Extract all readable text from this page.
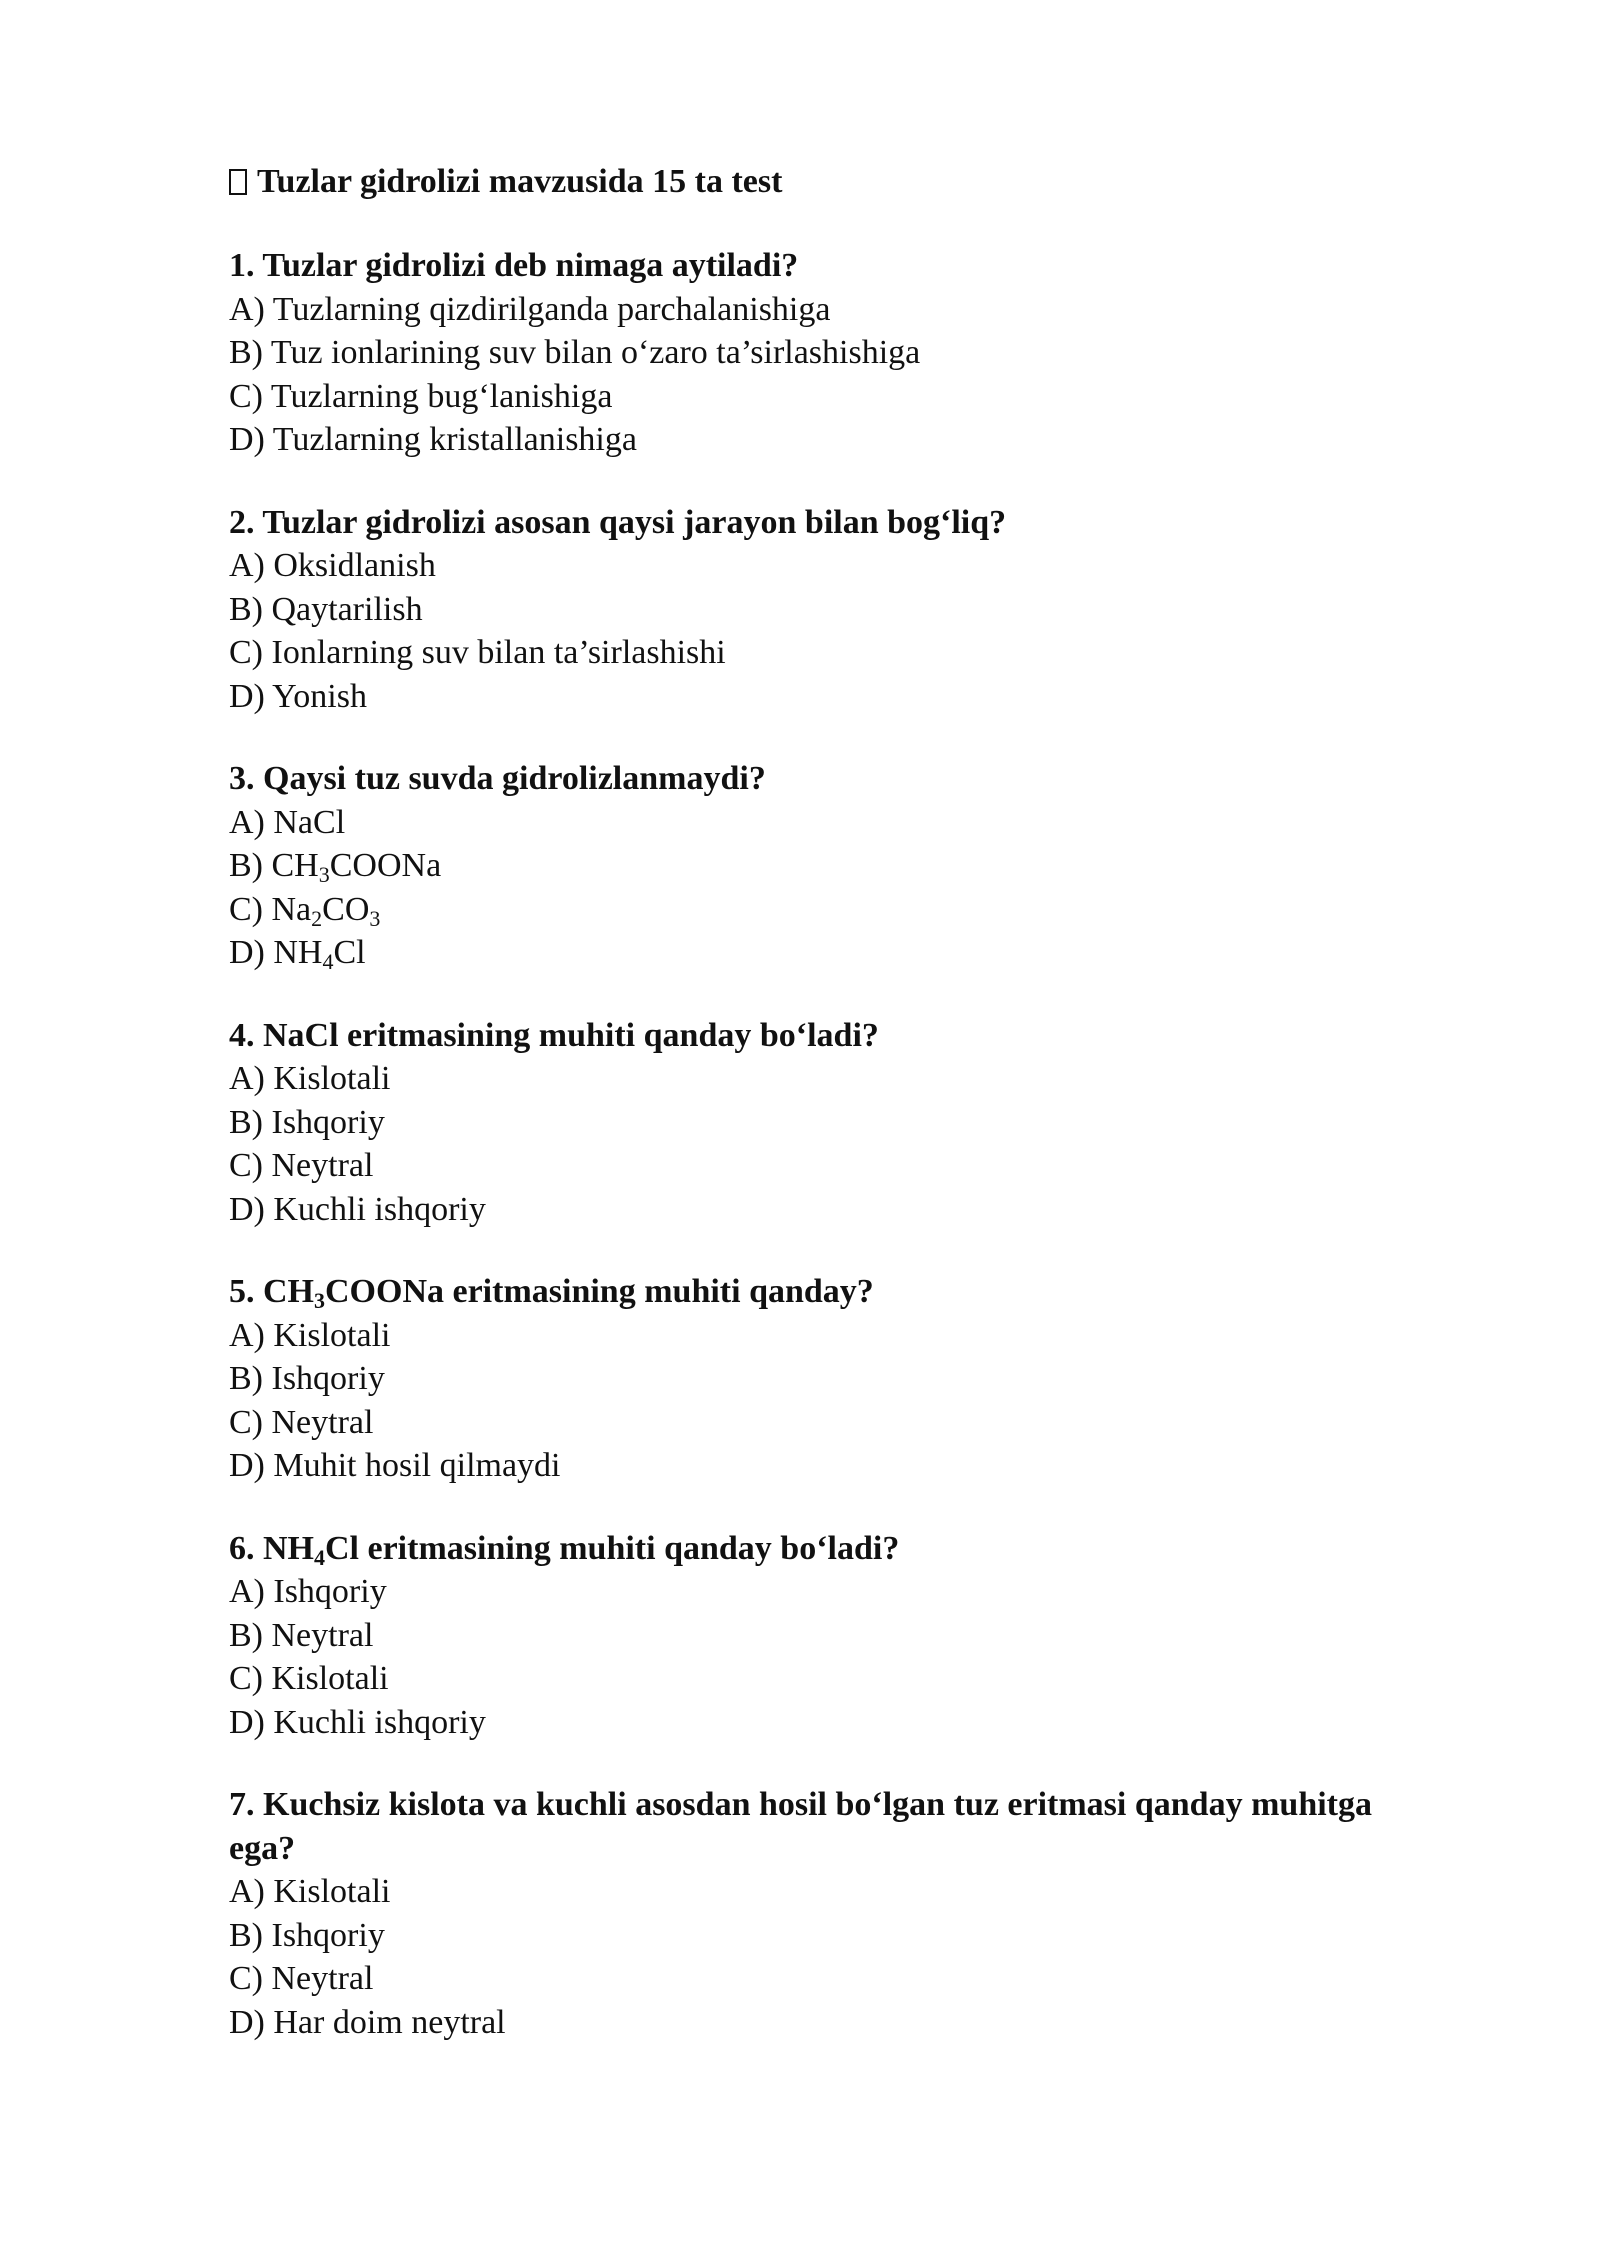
Tuzlar gidrolizi mavzusida 15 ta test

1. Tuzlar gidrolizi deb nimaga aytiladi?

A) Tuzlarning qizdirilganda parchalanishiga

B) Tuz ionlarining suv bilan o‘zaro ta’sirlashishiga

C) Tuzlarning bug‘lanishiga

D) Tuzlarning kristallanishiga

2. Tuzlar gidrolizi asosan qaysi jarayon bilan bog‘liq?

A) Oksidlanish

B) Qaytarilish

C) Ionlarning suv bilan ta’sirlashishi

D) Yonish

3. Qaysi tuz suvda gidrolizlanmaydi?

A) NaCl

B) $CH_3COONa$

C) $Na_2CO_3$

D) $NH_4Cl$

4. NaCl eritmasining muhiti qanday bo‘ladi?

A) Kislotali

B) Ishqoriy

C) Neytral

D) Kuchli ishqoriy

5. $CH_3COONa$ eritmasining muhiti qanday?

A) Kislotali

B) Ishqoriy

C) Neytral

D) Muhit hosil qilmaydi

6. $NH_4Cl$ eritmasining muhiti qanday bo‘ladi?

A) Ishqoriy

B) Neytral

C) Kislotali

D) Kuchli ishqoriy

7. Kuchsiz kislota va kuchli asosdan hosil bo‘lgan tuz eritmasi qanday muhitga ega?

A) Kislotali

B) Ishqoriy

C) Neytral

D) Har doim neytral
